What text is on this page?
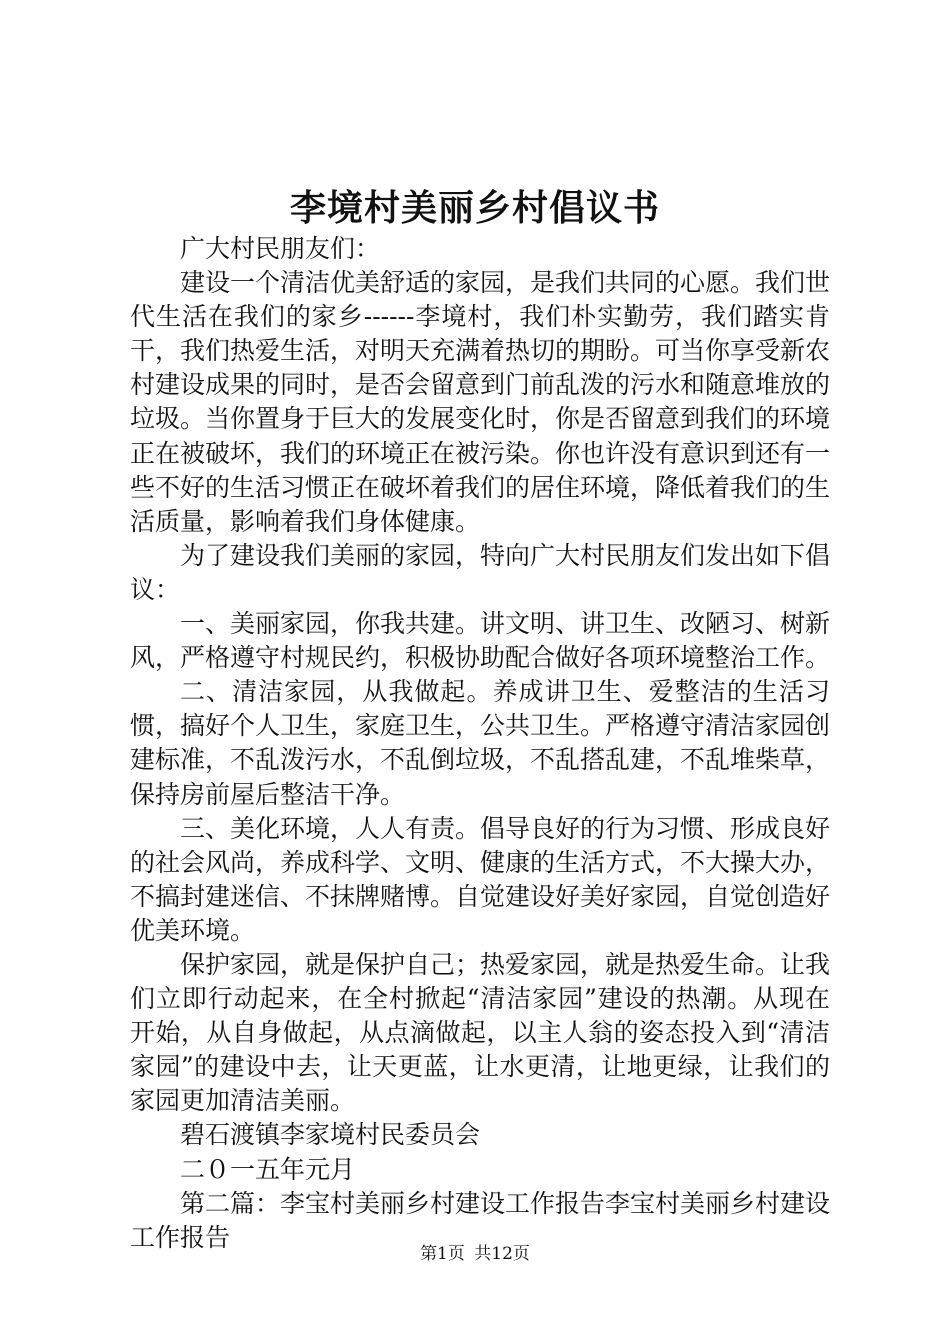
李境村美丽乡村倡议书

广大村民朋友们：

建设一个清洁优美舒适的家园，是我们共同的心愿。我们世代生活在我们的家乡------李境村，我们朴实勤劳，我们踏实肯干，我们热爱生活，对明天充满着热切的期盼。可当你享受新农村建设成果的同时，是否会留意到门前乱泼的污水和随意堆放的垃圾。当你置身于巨大的发展变化时，你是否留意到我们的环境正在被破坏，我们的环境正在被污染。你也许没有意识到还有一些不好的生活习惯正在破坏着我们的居住环境，降低着我们的生活质量，影响着我们身体健康。

为了建设我们美丽的家园，特向广大村民朋友们发出如下倡议：

一、美丽家园，你我共建。讲文明、讲卫生、改陋习、树新风，严格遵守村规民约，积极协助配合做好各项环境整治工作。

二、清洁家园，从我做起。养成讲卫生、爱整洁的生活习惯，搞好个人卫生，家庭卫生，公共卫生。严格遵守清洁家园创建标准，不乱泼污水，不乱倒垃圾，不乱搭乱建，不乱堆柴草，保持房前屋后整洁干净。

三、美化环境，人人有责。倡导良好的行为习惯、形成良好的社会风尚，养成科学、文明、健康的生活方式，不大操大办，不搞封建迷信、不抹牌赌博。自觉建设好美好家园，自觉创造好优美环境。

保护家园，就是保护自己；热爱家园，就是热爱生命。让我们立即行动起来，在全村掀起“清洁家园”建设的热潮。从现在开始，从自身做起，从点滴做起，以主人翁的姿态投入到“清洁家园”的建设中去，让天更蓝，让水更清，让地更绿，让我们的家园更加清洁美丽。

碧石渡镇李家境村民委员会

二０一五年元月

第二篇：李宝村美丽乡村建设工作报告李宝村美丽乡村建设工作报告

第1页 共12页
